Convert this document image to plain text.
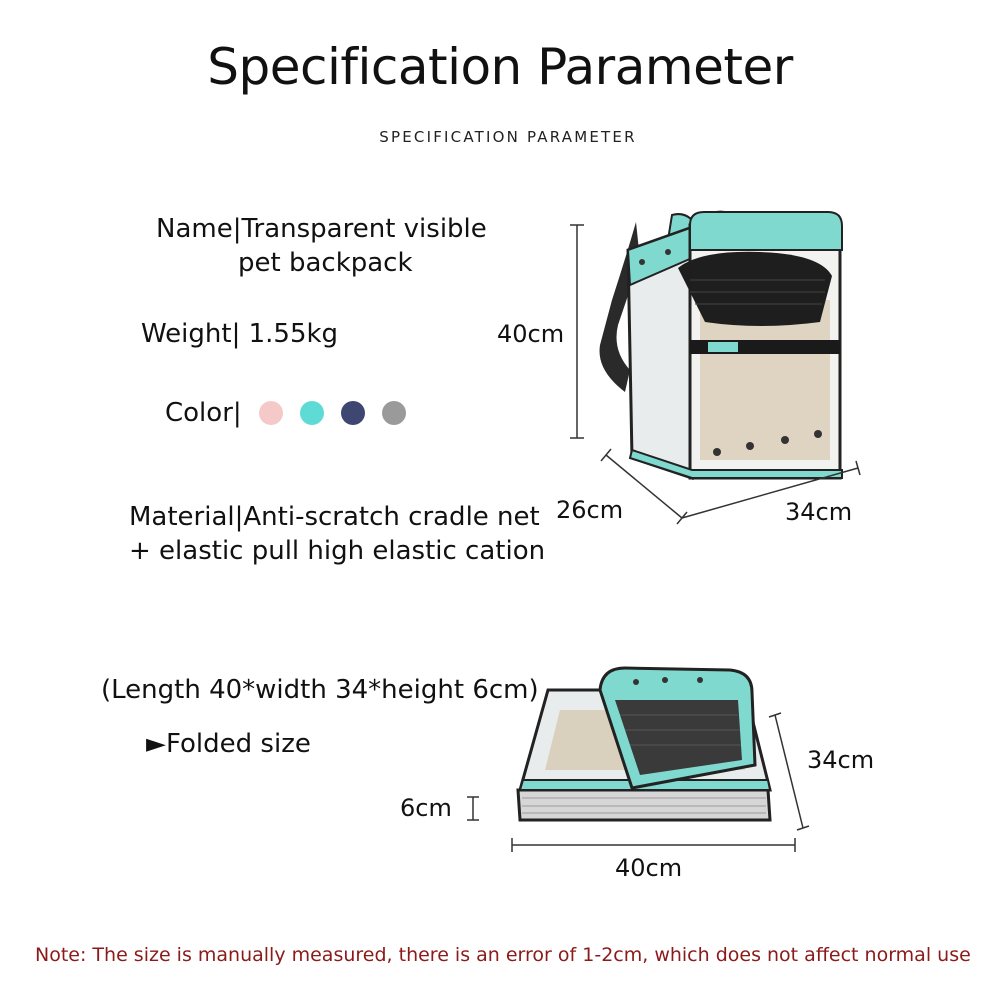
Specification Parameter
SPECIFICATION PARAMETER
Name|Transparent visible
pet backpack
Weight| 1.55kg
Color|
Material|Anti-scratch cradle net
+ elastic pull high elastic cation
(Length 40*width 34*height 6cm)
►Folded size
40cm
26cm	34cm
40cm
34cm
6cm
Note: The size is manually measured, there is an error of 1-2cm, which does not affect normal use
